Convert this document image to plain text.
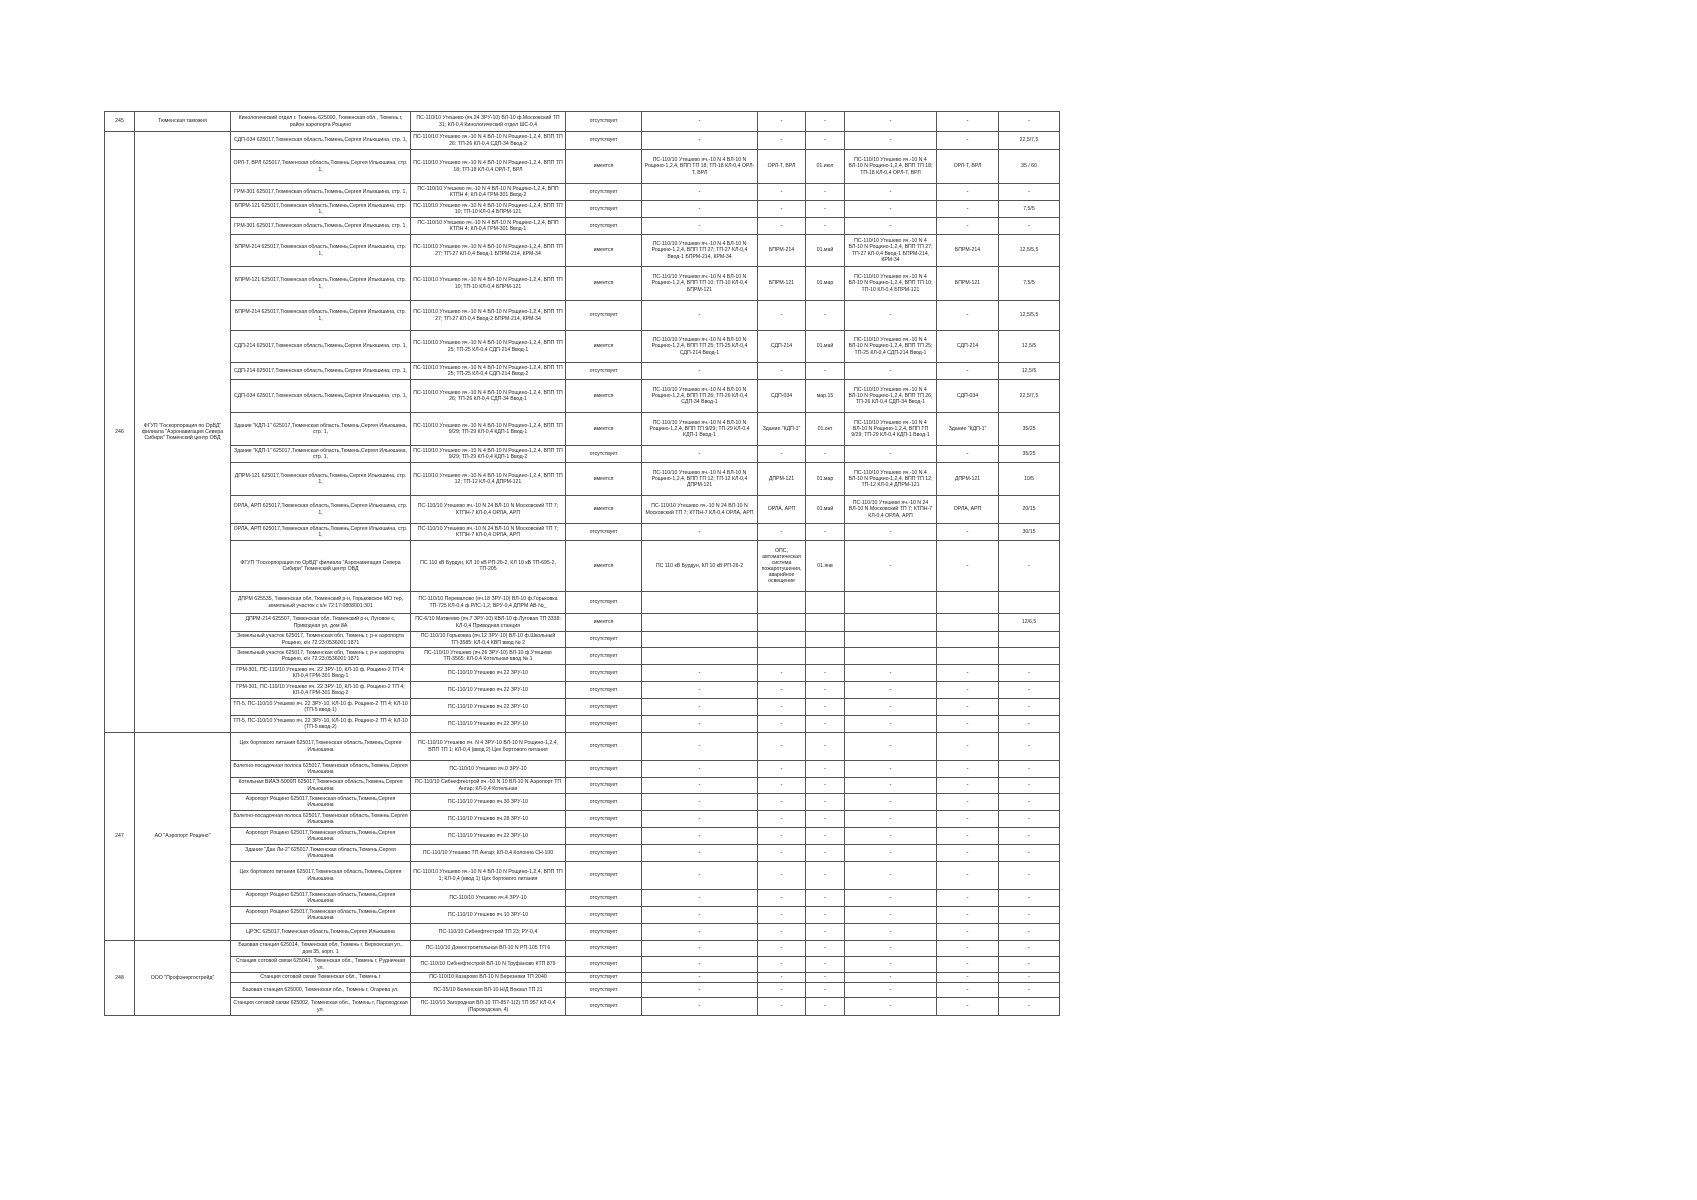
245	Тюменская таможня	Кинологический отдел г. Тюмень 625000, Тюменская обл., Тюмень г, район аэропорта Рощино	ПС-110/10 Утешево (яч.24 ЗРУ-10) ВЛ-10 ф.Московский ТП 31; КЛ-0,4 Кинологический отдел ШС-0,4	отсутствует	-	-	-	-	-	-
246	ФГУП "Госкорпорация по ОрВД" филиала "Аэронавигация Севера Сибири" Тюменский центр ОВД	СДП-034 625017,Тюменская область,Тюмень,Сергея Ильюшина, стр. 1,	ПС-110/10 Утешево яч.-10 N 4 ВЛ-10 N Рощино-1,2,4, ВПП ТП 26: ТП-26 КЛ-0,4 СДП-34 Ввод-2	отсутствует	-	-	-	-	-	22,5/7,5
		ОРЛ-Т, ВРЛ 625017,Тюменская область,Тюмень,Сергея Ильюшина, стр. 1,	ПС-110/10 Утешево яч.-10 N 4 ВЛ-10 N Рощино-1,2,4, ВПП ТП 18; ТП-18 КЛ-0,4 ОРЛ-Т, ВРЛ	имеется	ПС-110/10 Утешево яч.-10 N 4 ВЛ-10 N Рощино-1,2,4, ВПП ТП 18; ТП-18 КЛ-0,4 ОРЛ-Т, ВРЛ	ОРЛ-Т, ВРЛ	01.июл	ПС-110/10 Утешево яч.-10 N 4 ВЛ-10 N Рощино-1,2,4, ВПП ТП 18; ТП-18 КЛ-0,4 ОРЛ-Т, ВРЛ	ОРЛ-Т, ВРЛ	35 / 60
		ГРМ-301 625017,Тюменская область,Тюмень,Сергея Ильюшина, стр. 1,	ПС-110/10 Утешево яч.-10 N 4 ВЛ-10 N Рощино-1,2,4, ВПП КТПН 4; КЛ-0,4 ГРМ-301 Ввод-2	отсутствует	-	-	-	-	-	-
		БПРМ-121 625017,Тюменская область,Тюмень,Сергея Ильюшина, стр. 1,	ПС-110/10 Утешево яч.-10 N 4 ВЛ-10 N Рощино-1,2,4, ВПП ТП 10; ТП-10 КЛ-0,4 БПРМ-121	отсутствует	-	-	-	-	-	7,5/5
		ГРМ-301 625017,Тюменская область,Тюмень,Сергея Ильюшина, стр. 1,	ПС-110/10 Утешево яч.-10 N 4 ВЛ-10 N Рощино-1,2,4, ВПП КТПН 4; КЛ-0,4 ГРМ-301 Ввод-1	отсутствует	-	-	-	-	-	-
		БПРМ-214 625017,Тюменская область,Тюмень,Сергея Ильюшина, стр. 1,	ПС-110/10 Утешево яч.-10 N 4 ВЛ-10 N Рощино-1,2,4, ВПП ТП 27; ТП-27 КЛ-0,4 Ввод-1 БПРМ-214, КРМ-34	имеется	ПС-110/10 Утешево яч.-10 N 4 ВЛ-10 N Рощино-1,2,4, ВПП ТП 27; ТП-27 КЛ-0,4 Ввод-1 БПРМ-214, КРМ-34	БПРМ-214	01.май	ПС-110/10 Утешево яч.-10 N 4 ВЛ-10 N Рощино-1,2,4, ВПП ТП 27; ТП-27 КЛ-0,4 Ввод-1 БПРМ-214, КРМ-34	БПРМ-214	12,5/5,5
		БПРМ-121 625017,Тюменская область,Тюмень,Сергея Ильюшина, стр. 1,	ПС-110/10 Утешево яч.-10 N 4 ВЛ-10 N Рощино-1,2,4, ВПП ТП 10; ТП-10 КЛ-0,4 БПРМ-121	имеется	ПС-110/10 Утешево яч.-10 N 4 ВЛ-10 N Рощино-1,2,4, ВПП ТП 10; ТП-10 КЛ-0,4 БПРМ-121	БПРМ-121	01.мар	ПС-110/10 Утешево яч.-10 N 4 ВЛ-10 N Рощино-1,2,4, ВПП ТП 10; ТП-10 КЛ-0,4 БПРМ-121	БПРМ-121	7,5/5
		БПРМ-214 625017,Тюменская область,Тюмень,Сергея Ильюшина, стр. 1,	ПС-110/10 Утешево яч.-10 N 4 ВЛ-10 N Рощино-1,2,4, ВПП ТП 27; ТП-27 КЛ-0,4 Ввод-2 БПРМ-214, КРМ-34	отсутствует	-	-	-	-	-	12,5/5,5
		СДП-214 625017,Тюменская область,Тюмень,Сергея Ильюшина, стр. 1,	ПС-110/10 Утешево яч.-10 N 4 ВЛ-10 N Рощино-1,2,4, ВПП ТП 25; ТП-25 КЛ-0,4 СДП-214 Ввод-1	имеется	ПС-110/10 Утешево яч.-10 N 4 ВЛ-10 N Рощино-1,2,4, ВПП ТП 25; ТП-25 КЛ-0,4 СДП-214 Ввод-1	СДП-214	01.май	ПС-110/10 Утешево яч.-10 N 4 ВЛ-10 N Рощино-1,2,4, ВПП ТП 25; ТП-25 КЛ-0,4 СДП-214 Ввод-1	СДП-214	12,5/5
		СДП-214 625017,Тюменская область,Тюмень,Сергея Ильюшина, стр. 1,	ПС-110/10 Утешево яч.-10 N 4 ВЛ-10 N Рощино-1,2,4, ВПП ТП 25; ТП-25 КЛ-0,4 СДП-214 Ввод-2	отсутствует	-	-	-	-	-	12,5/5
		СДП-034 625017,Тюменская область,Тюмень,Сергея Ильюшина, стр. 1,	ПС-110/10 Утешево яч.-10 N 4 ВЛ-10 N Рощино-1,2,4, ВПП ТП 26; ТП-26 КЛ-0,4 СДП-34 Ввод-1	имеется	ПС-110/10 Утешево яч.-10 N 4 ВЛ-10 N Рощино-1,2,4, ВПП ТП 26; ТП-26 КЛ-0,4 СДП-34 Ввод-1	СДП-034	мар.15	ПС-110/10 Утешево яч.-10 N 4 ВЛ-10 N Рощино-1,2,4, ВПП ТП 26; ТП-26 КЛ-0,4 СДП-34 Ввод-1	СДП-034	22,5/7,5
		Здание "КДП-1" 625017,Тюменская область,Тюмень,Сергея Ильюшина, стр. 1,	ПС-110/10 Утешево яч.-10 N 4 ВЛ-10 N Рощино-1,2,4, ВПП ТП 9/29; ТП-29 КЛ-0,4 КДП-1 Ввод-1	имеется	ПС-110/10 Утешево яч.-10 N 4 ВЛ-10 N Рощино-1,2,4, ВПП ТП 9/29; ТП-29 КЛ-0,4 КДП-1 Ввод-1	Здание "КДП-1"	01.окт	ПС-110/10 Утешево яч.-10 N 4 ВЛ-10 N Рощино-1,2,4, ВПП ТП 9/29; ТП-29 КЛ-0,4 КДП-1 Ввод-1	Здание "КДП-1"	35/25
		Здание "КДП-1" 625017,Тюменская область,Тюмень,Сергея Ильюшина, стр. 1,	ПС-110/10 Утешево яч.-10 N 4 ВЛ-10 N Рощино-1,2,4, ВПП ТП 9/29; ТП-29 КЛ-0,4 КДП-1 Ввод-2	отсутствует	-	-	-	-	-	35/25
		ДПРМ-121 625017,Тюменская область,Тюмень,Сергея Ильюшина, стр. 1,	ПС-110/10 Утешево яч.-10 N 4 ВЛ-10 N Рощино-1,2,4, ВПП ТП 12; ТП-12 КЛ-0,4 ДПРМ-121	имеется	ПС-110/10 Утешево яч.-10 N 4 ВЛ-10 N Рощино-1,2,4, ВПП ТП 12; ТП-12 КЛ-0,4 ДПРМ-121	ДПРМ-121	01.мар	ПС-110/10 Утешево яч.-10 N 4 ВЛ-10 N Рощино-1,2,4, ВПП ТП 12; ТП-12 КЛ-0,4 ДПРМ-121	ДПРМ-121	10/5
		ОРЛА, АРП 625017,Тюменская область,Тюмень,Сергея Ильюшина, стр. 1,	ПС-110/10 Утешево яч.-10 N 24 ВЛ-10 N Московский ТП 7; КТПН-7 КЛ-0,4 ОРЛА, АРП	имеется	ПС-110/10 Утешево яч.-10 N 24 ВЛ-10 N Московский ТП 7; КТПН-7 КЛ-0,4 ОРЛА, АРП	ОРЛА, АРП	01.май	ПС-110/10 Утешево яч.-10 N 24 ВЛ-10 N Московский ТП 7; КТПН-7 КЛ-0,4 ОРЛА, АРП	ОРЛА, АРП	20/15
		ОРЛА, АРП 625017,Тюменская область,Тюмень,Сергея Ильюшина, стр. 1,	ПС-110/10 Утешево яч.-10 N 24 ВЛ-10 N Московский ТП 7; КТПН-7 КЛ-0,4 ОРЛА, АРП	отсутствует	-	-	-	-	-	30/15
		ФГУП "Госкорпорация по ОрВД" филиала "Аэронавигация Севера Сибири" Тюменский центр ОВД	ПС 110 кВ Бурдун, КЛ 10 кВ РП-26-2, КЛ 10 кВ ТП-695-2, ТП-205	имеется	ПС 110 кВ Бурдун, КЛ 10 кВ РП-26-2	ОПС, автоматическая система пожаротушения, аварийное освещение	01.янв	-	-	-
		ДПРМ 625535, Тюменская обл, Тюменский р-н, Горьковское МО тер, земельный участок с к/н 72:17:0808001:301	ПС-110/10 Перевалово (яч.18 ЗРУ-10) ВЛ-10 ф.Горьковка ТП-725 КЛ-0,4 ф.РЛС-1,2; ВРУ-0,4 ДПРМ АВ №_	отсутствует						
		ДПРМ-214 625507, Тюменская обл, Тюменский р-н, Луговое с, Приводная ул, дом 8А	ПС-6/10 Матвеево (яч.7 ЗРУ-10) КВЛ-10 ф.Луговая ТП 3338: КЛ-0,4 Приводная станция	имеется						12/6,5
		Земельный участок 625017, Тюменская обл, Тюмень г, р-н аэропорта Рощино, к/н 72:23:0536001:1871	ПС-110/10 Горьковка (яч.12 ЗРУ-10) ВЛ-10 ф.Школьный ТП-3585: КЛ-0,4 КВП ввод № 2	отсутствует						
		Земельный участок 625017, Тюменская обл, Тюмень г, р-н аэропорта Рощино, к/н 72:23:0536001:1871	ПС-110/10 Утешево (яч.26 ЗРУ-10) ВЛ-10 ф.Утешево ТП-3565: КЛ-0,4 Котельная ввод № 1	отсутствует						
		ГРМ-301, ПС-110/10 Утешево яч. 22 ЗРУ-10, КЛ-10 ф. Рощино-2 ТП 4; КЛ-0,4 ГРМ-301 Ввод-1	ПС-110/10 Утешево яч.22 ЗРУ-10	отсутствует	-	-	-	-	-	-
		ГРМ-301, ПС-110/10 Утешево яч. 22 ЗРУ-10, КЛ-10 ф. Рощино-2 ТП 4; КЛ-0,4 ГРМ-301 Ввод-2	ПС-110/10 Утешево яч.22 ЗРУ-10	отсутствует	-	-	-	-	-	-
		ТП-5, ПС-110/10 Утешево яч. 22 ЗРУ-10, КЛ-10 ф. Рощино-2 ТП 4; КЛ-10 (ТП-5 ввод-1)	ПС-110/10 Утешево яч.22 ЗРУ-10	отсутствует	-	-	-	-	-	-
		ТП-5, ПС-110/10 Утешево яч. 22 ЗРУ-10, КЛ-10 ф. Рощино-2 ТП 4; КЛ-10 (ТП-5 ввод-2)	ПС-110/10 Утешево яч.22 ЗРУ-10	отсутствует	-	-	-	-	-	-
247	АО "Аэропорт Рощино"	Цех бортового питания 625017,Тюменская область,Тюмень,Сергея Ильюшина	ПС-110/10 Утешево яч. N 4 ЗРУ-10 ВЛ-10 N Рощино-1,2,4, ВПП ТП 1; КЛ-0,4 (ввод 2) Цех бортового питания	отсутствует	-	-	-	-	-	-
		Взлетно-посадочная полоса 625017,Тюменская область,Тюмень,Сергея Ильюшина	ПС-110/10 Утешево яч.0 ЗРУ-10	отсутствует	-	-	-	-	-	-
		Котельная ВИАЭ-5000П 625017,Тюменская область,Тюмень,Сергея Ильюшина	ПС-110/10 Сибнефтестрой яч.-10 N 10 ВЛ-10 N Аэропорт ТП Ангар; КЛ-0,4 Котельная	отсутствует	-	-	-	-	-	-
		Аэропорт Рощино 625017,Тюменская область,Тюмень,Сергея Ильюшина	ПС-110/10 Утешево яч.30 ЗРУ-10	отсутствует	-	-	-	-	-	-
		Взлетно-посадочная полоса 625017,Тюменская область,Тюмень,Сергея Ильюшина	ПС-110/10 Утешево яч.28 ЗРУ-10	отсутствует	-	-	-	-	-	-
		Аэропорт Рощино 625017,Тюменская область,Тюмень,Сергея Ильюшина	ПС-110/10 Утешево яч.22 ЗРУ-10	отсутствует	-	-	-	-	-	-
		Здание "Дан Ли-2" 625017,Тюменская область,Тюмень,Сергея Ильюшина	ПС-110/10 Утешево ТП Ангар; КЛ-0,4 Колонна СН-100	отсутствует	-	-	-	-	-	-
		Цех бортового питания 625017,Тюменская область,Тюмень,Сергея Ильюшина	ПС-110/10 Утешево яч.-10 N 4 ВЛ-10 N Рощино-1,2,4, ВПП ТП 1; КЛ-0,4 (ввод 1) Цех бортового питания	отсутствует	-	-	-	-	-	-
		Аэропорт Рощино 625017,Тюменская область,Тюмень,Сергея Ильюшина	ПС-110/10 Утешево яч.4 ЗРУ-10	отсутствует	-	-	-	-	-	-
		Аэропорт Рощино 625017,Тюменская область,Тюмень,Сергея Ильюшина	ПС-110/10 Утешево яч.10 ЗРУ-10	отсутствует	-	-	-	-	-	-
		ЦРЭС 625017,Тюменская область,Тюмень,Сергея Ильюшина	ПС-110/10 Сибнефтестрой ТП 23; РУ-0,4	отсутствует	-	-	-	-	-	-
248	ООО "Профэнергострейд"	Базовая станция 625014, Тюменская обл, Тюмень г, Верхоеская ул., дом 35, корп. 1	ПС-110/10 Домостроительная ВЛ-10 N РП-105 ТП 6	отсутствует	-	-	-	-	-	-
		Станция сотовой связи 625041, Тюменская обл., Тюмень г, Рудничная ул.	ПС-110/10 Сибнефтестрой ВЛ-10 N Труфаново КТП 879	отсутствует	-	-	-	-	-	-
		Станция сотовой связи Тюменская обл., Тюмень г	ПС-110/10 Казарово ВЛ-10 N Березняки ТП 2040	отсутствует	-	-	-	-	-	-
		Базовая станция 625000, Тюменская обл., Тюмень г, Огарева ул.	ПС-35/10 Беленская ВЛ-10 Н/Д Вокзал ТП 21	отсутствует	-	-	-	-	-	-
		Станция сотовой связи 625002, Тюменская обл., Тюмень г, Пароходская ул.	ПС-110/10 Загородная ВЛ-10 ТП-857-1(2) ТП 957 КЛ-0,4 (Пароходская, 4)	отсутствует	-	-	-	-	-	-
